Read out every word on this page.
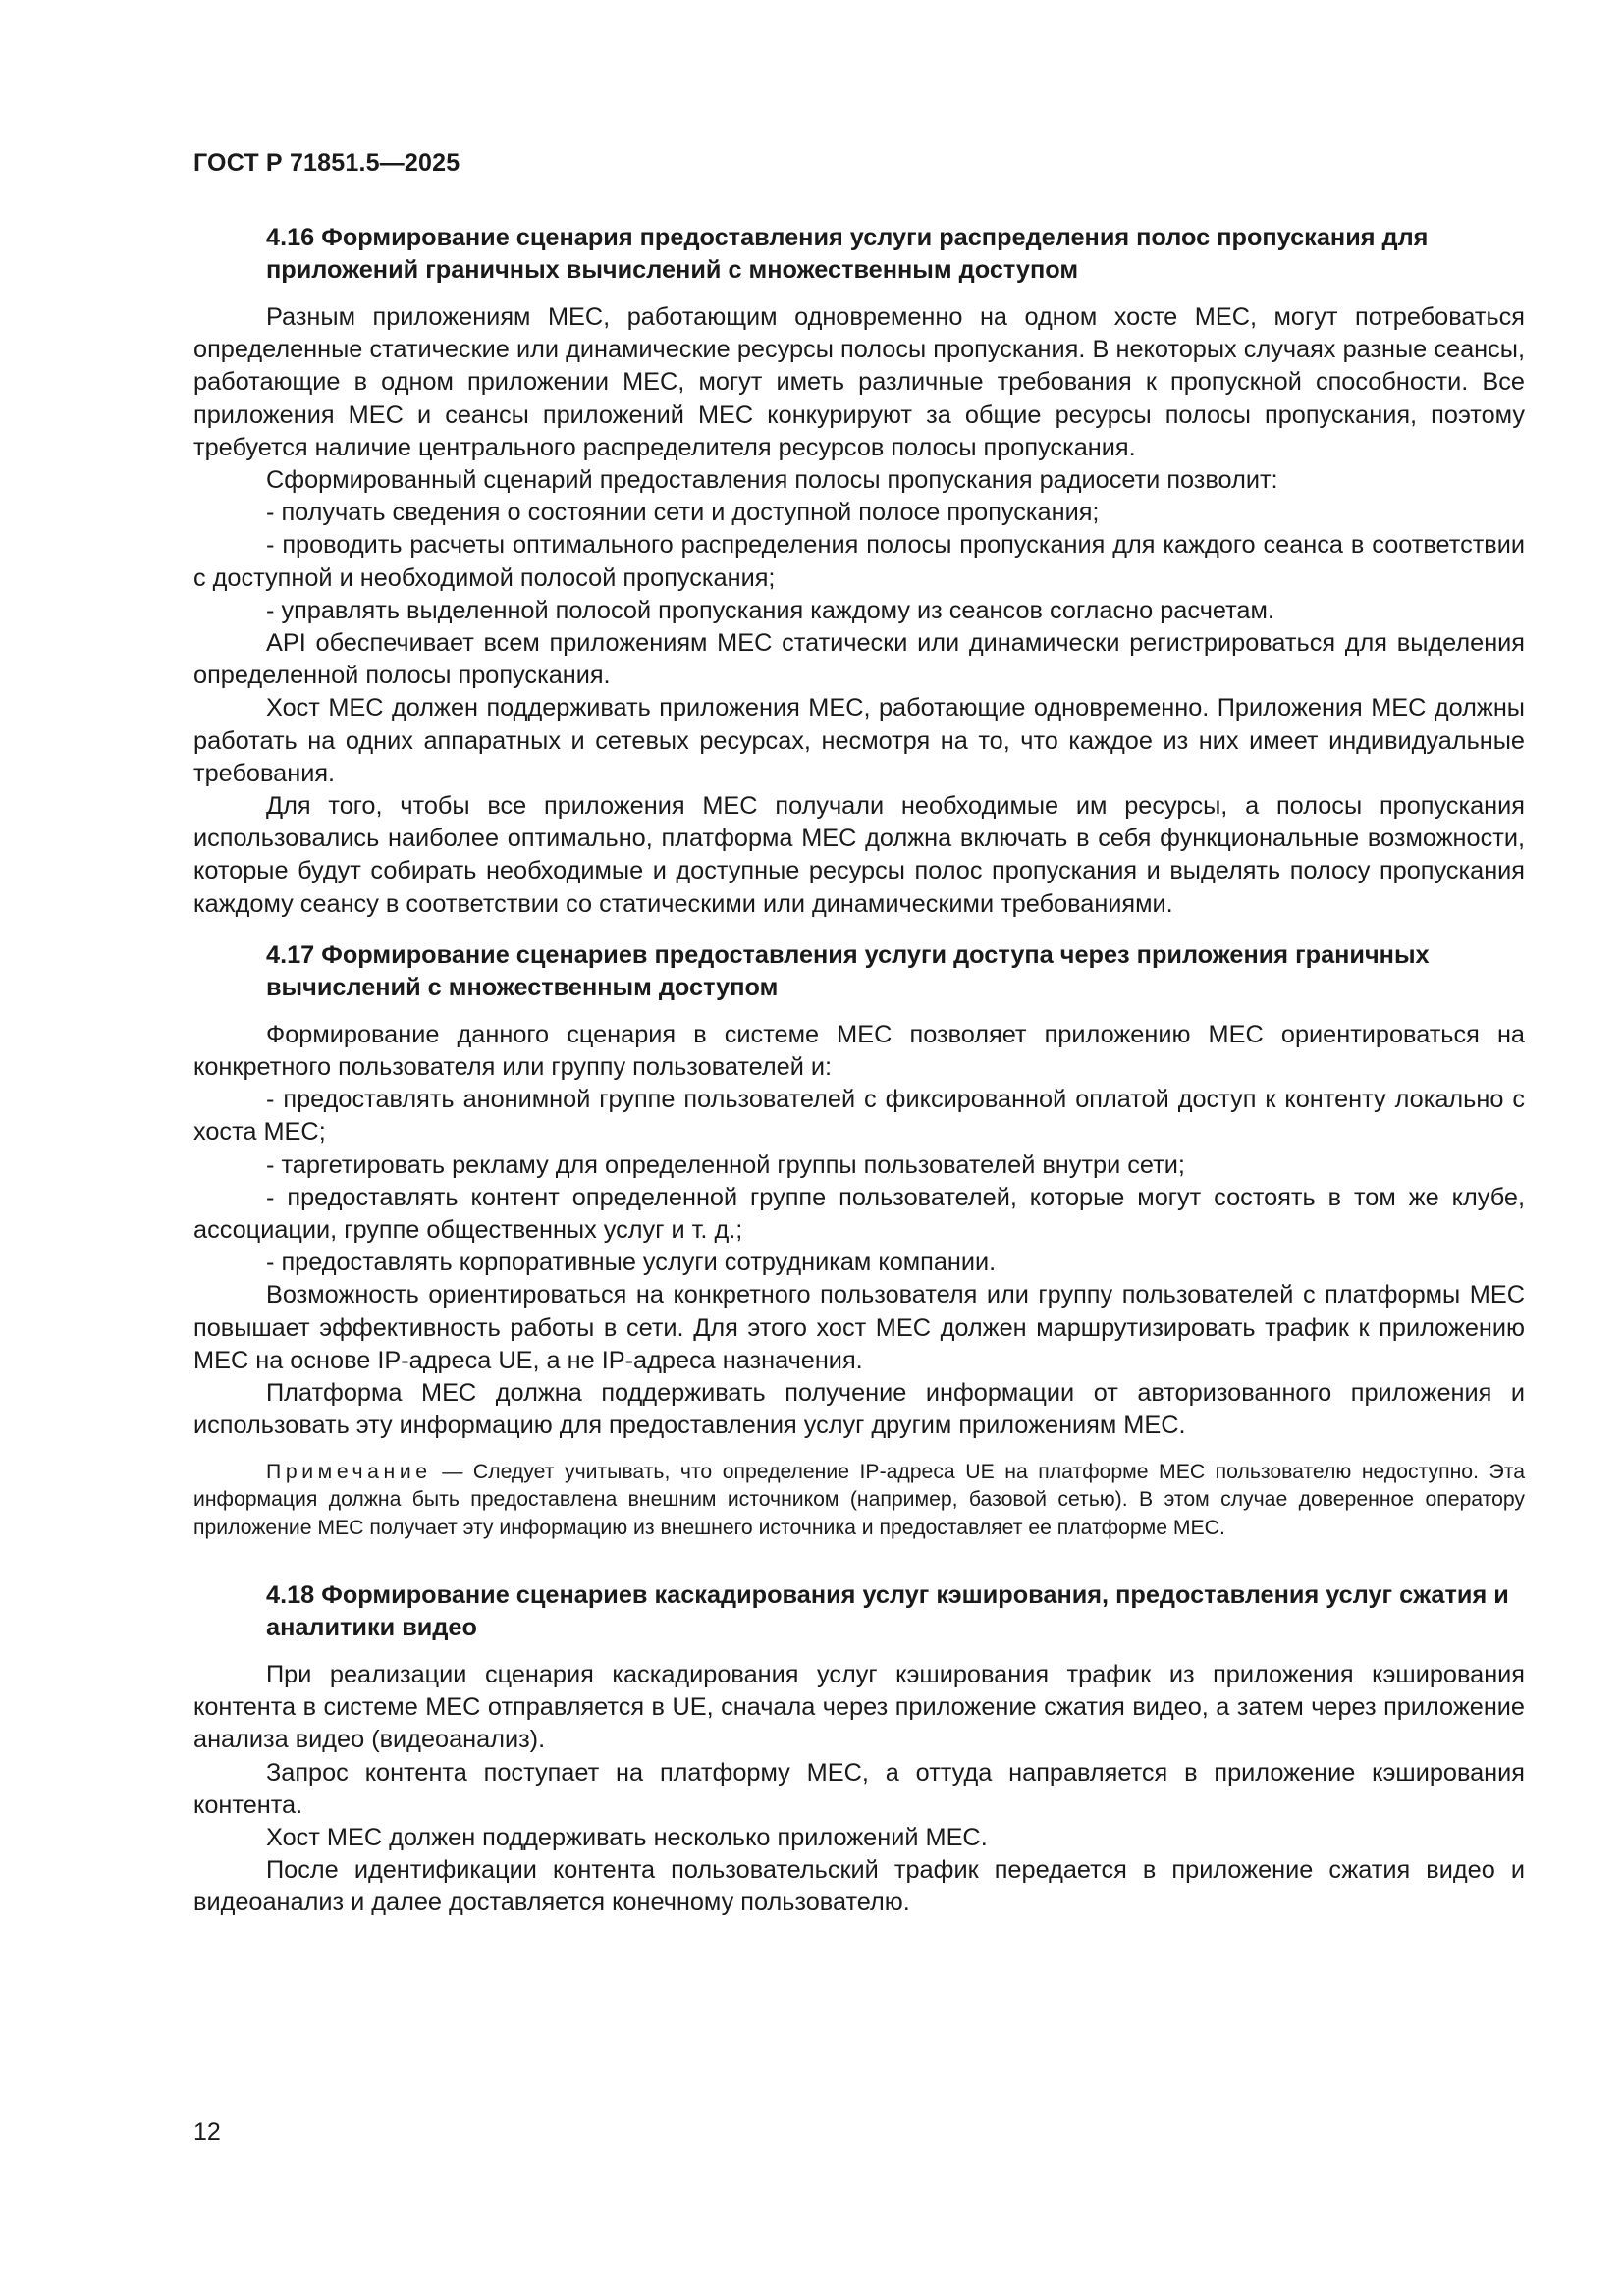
ГОСТ Р 71851.5—2025
4.16 Формирование сценария предоставления услуги распределения полос пропускания для приложений граничных вычислений с множественным доступом

Разным приложениям MEC, работающим одновременно на одном хосте MEC, могут потребоваться определенные статические или динамические ресурсы полосы пропускания. В некоторых случаях разные сеансы, работающие в одном приложении MEC, могут иметь различные требования к пропускной способности. Все приложения MEC и сеансы приложений MEC конкурируют за общие ресурсы полосы пропускания, поэтому требуется наличие центрального распределителя ресурсов полосы пропускания.

Сформированный сценарий предоставления полосы пропускания радиосети позволит:

- получать сведения о состоянии сети и доступной полосе пропускания;

- проводить расчеты оптимального распределения полосы пропускания для каждого сеанса в соответствии с доступной и необходимой полосой пропускания;

- управлять выделенной полосой пропускания каждому из сеансов согласно расчетам.

API обеспечивает всем приложениям MEC статически или динамически регистрироваться для выделения определенной полосы пропускания.

Хост MEC должен поддерживать приложения MEC, работающие одновременно. Приложения MEC должны работать на одних аппаратных и сетевых ресурсах, несмотря на то, что каждое из них имеет индивидуальные требования.

Для того, чтобы все приложения MEC получали необходимые им ресурсы, а полосы пропускания использовались наиболее оптимально, платформа MEC должна включать в себя функциональные возможности, которые будут собирать необходимые и доступные ресурсы полос пропускания и выделять полосу пропускания каждому сеансу в соответствии со статическими или динамическими требованиями.

4.17 Формирование сценариев предоставления услуги доступа через приложения граничных вычислений с множественным доступом

Формирование данного сценария в системе MEC позволяет приложению MEC ориентироваться на конкретного пользователя или группу пользователей и:

- предоставлять анонимной группе пользователей с фиксированной оплатой доступ к контенту локально с хоста MEC;

- таргетировать рекламу для определенной группы пользователей внутри сети;

- предоставлять контент определенной группе пользователей, которые могут состоять в том же клубе, ассоциации, группе общественных услуг и т. д.;

- предоставлять корпоративные услуги сотрудникам компании.

Возможность ориентироваться на конкретного пользователя или группу пользователей с платформы MEC повышает эффективность работы в сети. Для этого хост MEC должен маршрутизировать трафик к приложению MEC на основе IP-адреса UE, а не IP-адреса назначения.

Платформа MEC должна поддерживать получение информации от авторизованного приложения и использовать эту информацию для предоставления услуг другим приложениям MEC.

Примечание — Следует учитывать, что определение IP-адреса UE на платформе MEC пользователю недоступно. Эта информация должна быть предоставлена внешним источником (например, базовой сетью). В этом случае доверенное оператору приложение MEC получает эту информацию из внешнего источника и предоставляет ее платформе MEC.

4.18 Формирование сценариев каскадирования услуг кэширования, предоставления услуг сжатия и аналитики видео

При реализации сценария каскадирования услуг кэширования трафик из приложения кэширования контента в системе MEC отправляется в UE, сначала через приложение сжатия видео, а затем через приложение анализа видео (видеоанализ).

Запрос контента поступает на платформу MEC, а оттуда направляется в приложение кэширования контента.

Хост MEC должен поддерживать несколько приложений MEC.

После идентификации контента пользовательский трафик передается в приложение сжатия видео и видеоанализ и далее доставляется конечному пользователю.

12
